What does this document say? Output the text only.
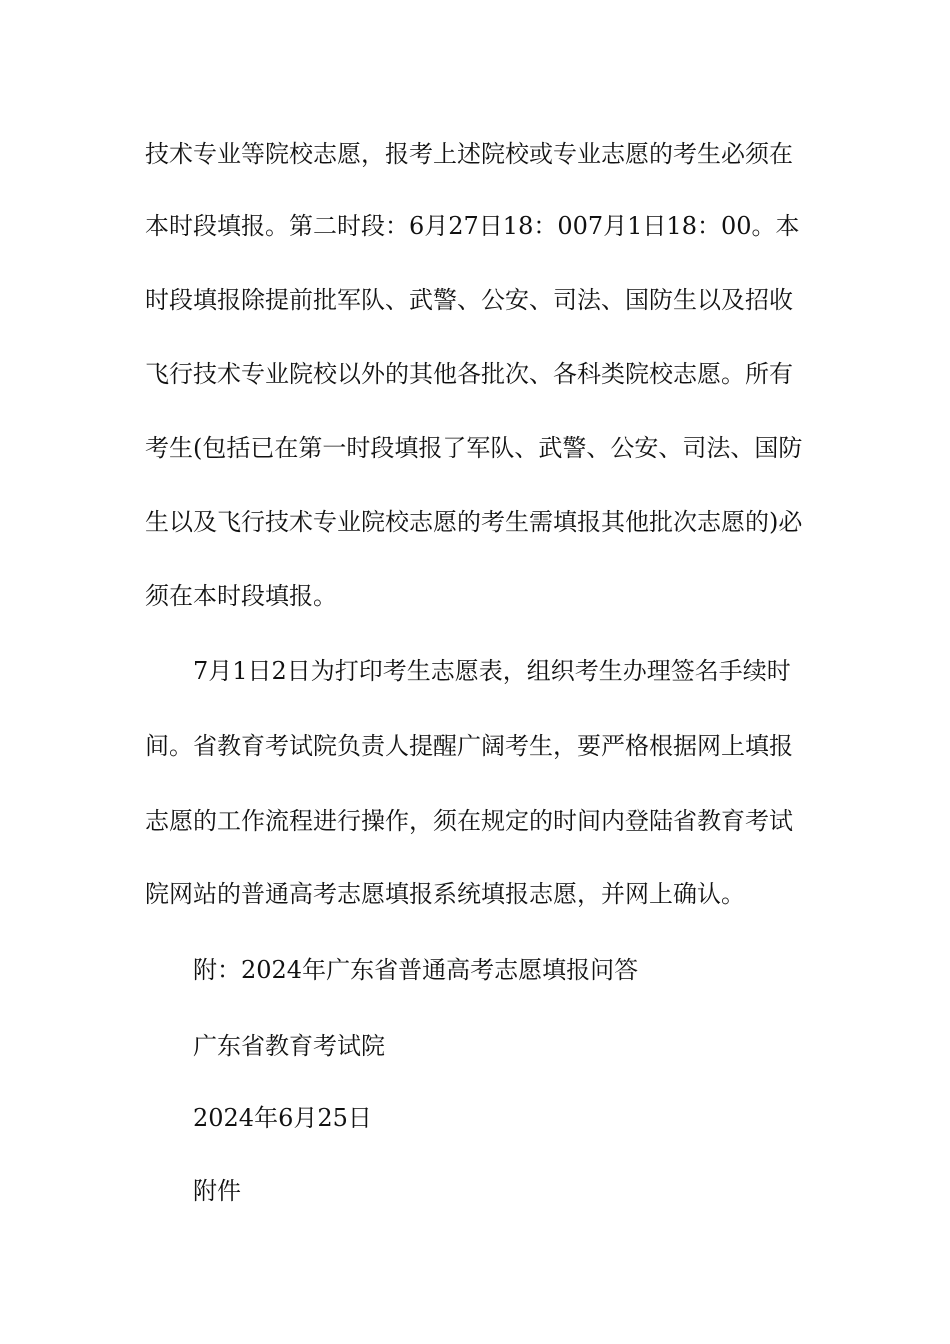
技术专业等院校志愿，报考上述院校或专业志愿的考生必须在
本时段填报。第二时段：6月27日18：007月1日18：00。本
时段填报除提前批军队、武警、公安、司法、国防生以及招收
飞行技术专业院校以外的其他各批次、各科类院校志愿。所有
考生(包括已在第一时段填报了军队、武警、公安、司法、国防
生以及飞行技术专业院校志愿的考生需填报其他批次志愿的)必
须在本时段填报。
7月1日2日为打印考生志愿表，组织考生办理签名手续时
间。省教育考试院负责人提醒广阔考生，要严格根据网上填报
志愿的工作流程进行操作，须在规定的时间内登陆省教育考试
院网站的普通高考志愿填报系统填报志愿，并网上确认。
附：2024年广东省普通高考志愿填报问答
广东省教育考试院
2024年6月25日
附件
